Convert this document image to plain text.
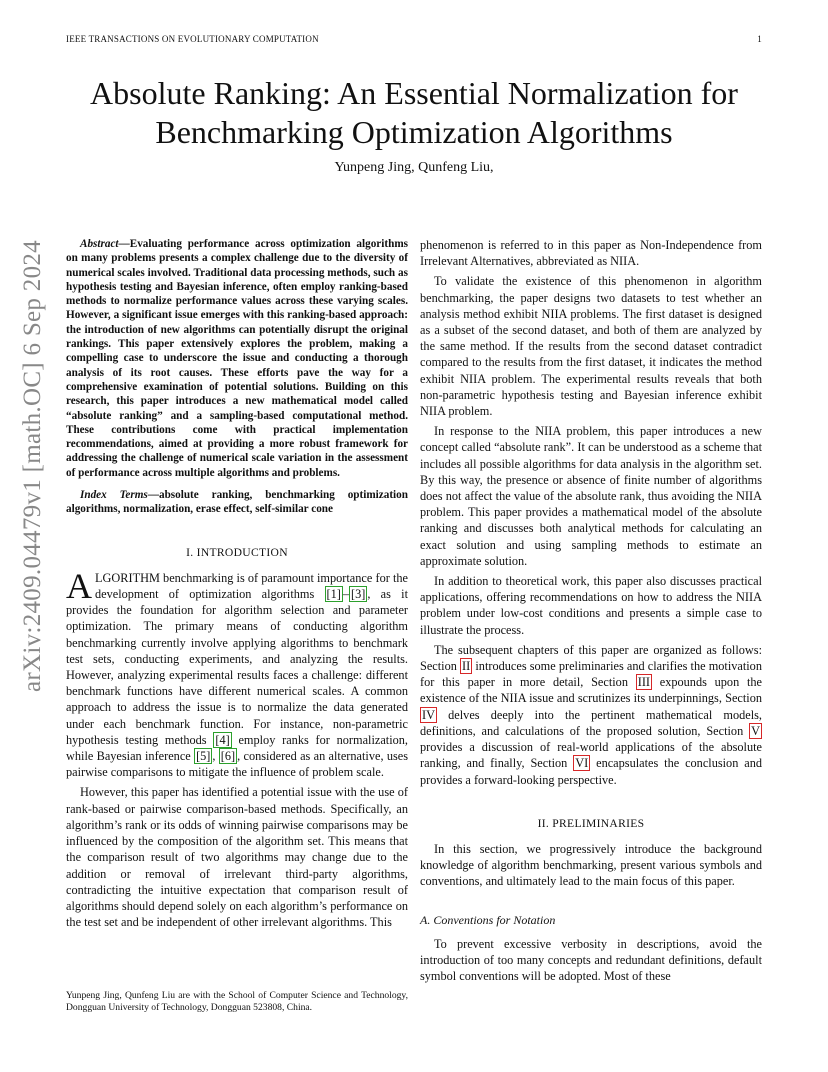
IEEE TRANSACTIONS ON EVOLUTIONARY COMPUTATION	1
arXiv:2409.04479v1 [math.OC] 6 Sep 2024
Absolute Ranking: An Essential Normalization for Benchmarking Optimization Algorithms
Yunpeng Jing, Qunfeng Liu,

Abstract—Evaluating performance across optimization algorithms on many problems presents a complex challenge due to the diversity of numerical scales involved. Traditional data processing methods, such as hypothesis testing and Bayesian inference, often employ ranking-based methods to normalize performance values across these varying scales. However, a significant issue emerges with this ranking-based approach: the introduction of new algorithms can potentially disrupt the original rankings. This paper extensively explores the problem, making a compelling case to underscore the issue and conducting a thorough analysis of its root causes. These efforts pave the way for a comprehensive examination of potential solutions. Building on this research, this paper introduces a new mathematical model called “absolute ranking” and a sampling-based computational method. These contributions come with practical implementation recommendations, aimed at providing a more robust framework for addressing the challenge of numerical scale variation in the assessment of performance across multiple algorithms and problems.

Index Terms—absolute ranking, benchmarking optimization algorithms, normalization, erase effect, self-similar cone

I. INTRODUCTION

ALGORITHM benchmarking is of paramount importance for the development of optimization algorithms [1] – [3] , as it provides the foundation for algorithm selection and parameter optimization. The primary means of conducting algorithm benchmarking currently involve applying algorithms to benchmark test sets, conducting experiments, and analyzing the results. However, analyzing experimental results faces a challenge: different benchmark functions have different numerical scales. A common approach to address the issue is to normalize the data generated under each benchmark function. For instance, non-parametric hypothesis testing methods [4] employ ranks for normalization, while Bayesian inference [5] , [6] , considered as an alternative, uses pairwise comparisons to mitigate the influence of problem scale.

However, this paper has identified a potential issue with the use of rank-based or pairwise comparison-based methods. Specifically, an algorithm’s rank or its odds of winning pairwise comparisons may be influenced by the composition of the algorithm set. This means that the comparison result of two algorithms may change due to the addition or removal of irrelevant third-party algorithms, contradicting the intuitive expectation that comparison result of algorithms should depend solely on each algorithm’s performance on the test set and be independent of other irrelevant algorithms. This

phenomenon is referred to in this paper as Non-Independence from Irrelevant Alternatives, abbreviated as NIIA.

To validate the existence of this phenomenon in algorithm benchmarking, the paper designs two datasets to test whether an analysis method exhibit NIIA problems. The first dataset is designed as a subset of the second dataset, and both of them are analyzed by the same method. If the results from the second dataset contradict compared to the results from the first dataset, it indicates the method exhibit NIIA problem. The experimental results reveals that both non-parametric hypothesis testing and Bayesian inference exhibit NIIA problem.

In response to the NIIA problem, this paper introduces a new concept called “absolute rank”. It can be understood as a scheme that includes all possible algorithms for data analysis in the algorithm set. By this way, the presence or absence of finite number of algorithms does not affect the value of the absolute rank, thus avoiding the NIIA problem. This paper provides a mathematical model of the absolute ranking and discusses both analytical methods for calculating an exact solution and using sampling methods to estimate an approximate solution.

In addition to theoretical work, this paper also discusses practical applications, offering recommendations on how to address the NIIA problem under low-cost conditions and presents a simple case to illustrate the process.

The subsequent chapters of this paper are organized as follows: Section II introduces some preliminaries and clarifies the motivation for this paper in more detail, Section III expounds upon the existence of the NIIA issue and scrutinizes its underpinnings, Section IV delves deeply into the pertinent mathematical models, definitions, and calculations of the proposed solution, Section V provides a discussion of real-world applications of the absolute ranking, and finally, Section VI encapsulates the conclusion and provides a forward-looking perspective.

II. PRELIMINARIES

In this section, we progressively introduce the background knowledge of algorithm benchmarking, present various symbols and conventions, and ultimately lead to the main focus of this paper.

A. Conventions for Notation

To prevent excessive verbosity in descriptions, avoid the introduction of too many concepts and redundant definitions, default symbol conventions will be adopted. Most of these

Yunpeng Jing, Qunfeng Liu are with the School of Computer Science and Technology, Dongguan University of Technology, Dongguan 523808, China.
